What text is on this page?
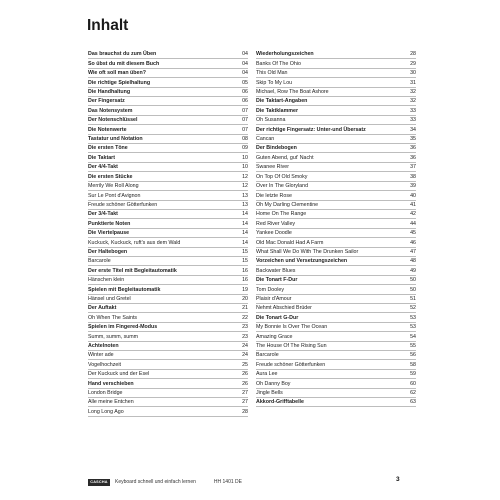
Inhalt
Das brauchst du zum Üben	04
So übst du mit diesem Buch	04
Wie oft soll man üben?	04
Die richtige Spielhaltung	05
Die Handhaltung	06
Der Fingersatz	06
Das Notensystem	07
Der Notenschlüssel	07
Die Notenwerte	07
Tastatur und Notation	08
Die ersten Töne	09
Die Taktart	10
Der 4/4-Takt	10
Die ersten Stücke	12
Merrily We Roll Along	12
Sur Le Pont d'Avignon	13
Freude schöner Götterfunken	13
Der 3/4-Takt	14
Punktierte Noten	14
Die Viertelpause	14
Kuckuck, Kuckuck, ruft's aus dem Wald	14
Der Haltebogen	15
Barcarole	15
Der erste Titel mit Begleitautomatik	16
Hänschen klein	16
Spielen mit Begleitautomatik	19
Hänsel und Gretel	20
Der Auftakt	21
Oh When The Saints	22
Spielen im Fingered-Modus	23
Summ, summ, summ	23
Achtelnoten	24
Winter ade	24
Vogelhochzeit	25
Der Kuckuck und der Esel	26
Hand verschieben	26
London Bridge	27
Alle meine Entchen	27
Long Long Ago	28
Wiederholungszeichen	28
Banks Of The Ohio	29
This Old Man	30
Skip To My Lou	31
Michael, Row The Boat Ashore	32
Die Taktart-Angaben	32
Die Taktklammer	33
Oh Susanna	33
Der richtige Fingersatz: Unter-und Übersatz	34
Cancan	35
Der Bindebogen	36
Guten Abend, gut' Nacht	36
Swanee River	37
On Top Of Old Smoky	38
Over In The Gloryland	39
Die letzte Rose	40
Oh My Darling Clementine	41
Home On The Range	42
Red River Valley	44
Yankee Doodle	45
Old Mac Donald Had A Farm	46
What Shall We Do With The Drunken Sailor	47
Vorzeichen und Versetzungszeichen	48
Backwater Blues	49
Die Tonart F-Dur	50
Tom Dooley	50
Plaisir d'Amour	51
Nehmt Abschied Brüder	52
Die Tonart G-Dur	53
My Bonnie Is Over The Ocean	53
Amazing Grace	54
The House Of The Rising Sun	55
Barcarole	56
Freude schöner Götterfunken	58
Aura Lee	59
Oh Danny Boy	60
Jingle Bells	62
Akkord-Grifftabelle	63
CASCHA	Keyboard schnell und einfach lernen	HH 1401 DE	3
